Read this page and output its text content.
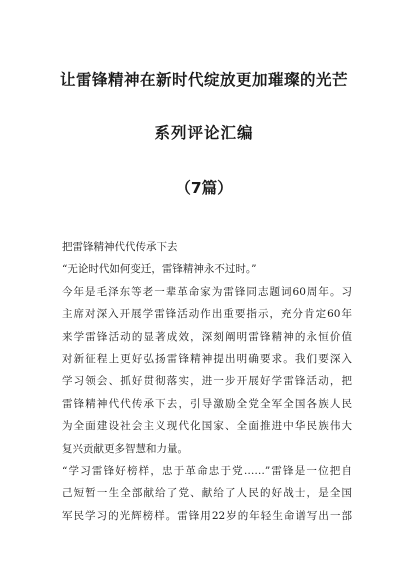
让雷锋精神在新时代绽放更加璀璨的光芒
系列评论汇编
（7篇）
把雷锋精神代代传承下去
“无论时代如何变迁，雷锋精神永不过时。”
今年是毛泽东等老一辈革命家为雷锋同志题词60周年。习
主席对深入开展学雷锋活动作出重要指示，充分肯定60年
来学雷锋活动的显著成效，深刻阐明雷锋精神的永恒价值
对新征程上更好弘扬雷锋精神提出明确要求。我们要深入
学习领会、抓好贯彻落实，进一步开展好学雷锋活动，把
雷锋精神代代传承下去，引导激励全党全军全国各族人民
为全面建设社会主义现代化国家、全面推进中华民族伟大
复兴贡献更多智慧和力量。
“学习雷锋好榜样，忠于革命忠于党……”雷锋是一位把自
己短暂一生全部献给了党、献给了人民的好战士，是全国
军民学习的光辉榜样。雷锋用22岁的年轻生命谱写出一部
